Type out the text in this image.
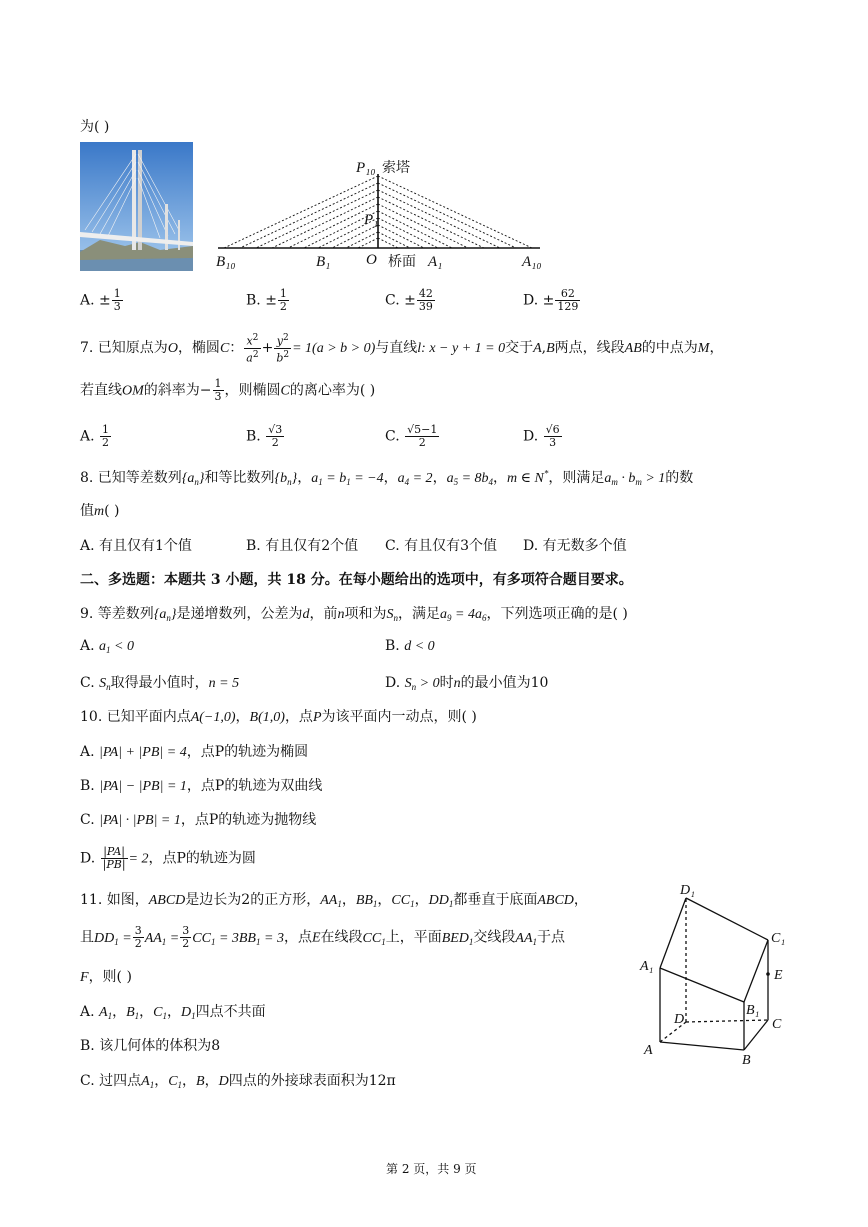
为( )
P₁₀ 索塔
P₁
B₁₀	B₁ O 桥面 A₁	A₁₀
A. ± $\frac{1}{3}$	B. ± $\frac{1}{2}$	C. ± $\frac{42}{39}$	D. ± $\frac{62}{129}$
7. 已知原点为O，椭圆C： $\frac{x^2}{a^2} + \frac{y^2}{b^2} = 1(a > b > 0)$与直线l: x − y + 1 = 0交于A,B两点，线段AB的中点为M，
若直线OM的斜率为− $\frac{1}{3}$ ，则椭圆C的离心率为( )
A. $\frac{1}{2}$	B. $\frac{√3}{2}$	C. $\frac{√5-1}{2}$	D. $\frac{√6}{3}$
8. 已知等差数列$\{a_n\}$和等比数列$\{b_n\}$，$a_1 = b_1 = -4$，$a_4 = 2$，$a_5 = 8b_4$，m ∈ N*，则满足$a_m \cdot b_m > 1$的数
值m( )
A. 有且仅有1个值	B. 有且仅有2个值 C. 有且仅有3个值 D. 有无数多个值
二、多选题：本题共 3 小题，共 18 分。在每小题给出的选项中，有多项符合题目要求。
9. 等差数列$\{a_n\}$是递增数列，公差为d，前n项和为$S_n$，满足$a_9 = 4a_6$，下列选项正确的是( )
A. $a_1 < 0$	B. d < 0
C. $S_n$取得最小值时，n = 5	D. $S_n > 0$时n的最小值为10
10. 已知平面内点A(−1,0)，B(1,0)，点P为该平面内一动点，则( )
A. |PA| + |PB| = 4，点P的轨迹为椭圆
B. |PA| − |PB| = 1，点P的轨迹为双曲线
C. |PA| · |PB| = 1，点P的轨迹为抛物线
D. $\frac{|PA|}{|PB|} = 2$，点P的轨迹为圆
11. 如图，ABCD是边长为2的正方形，$AA_1$，$BB_1$，$CC_1$，$DD_1$都垂直于底面ABCD，
且$DD_1 = \frac{3}{2} AA_1 = \frac{3}{2} CC_1 = 3BB_1 = 3$，点E在线段$CC_1$上，平面$BED_1$交线段$AA_1$于点
F，则( )
A. $A_1$，$B_1$，$C_1$，$D_1$四点不共面
B. 该几何体的体积为8
C. 过四点$A_1$，$C_1$，B，D四点的外接球表面积为12π
D₁
C₁
A₁
E
B₁
D	C
A
B
第 2 页，共 9 页
